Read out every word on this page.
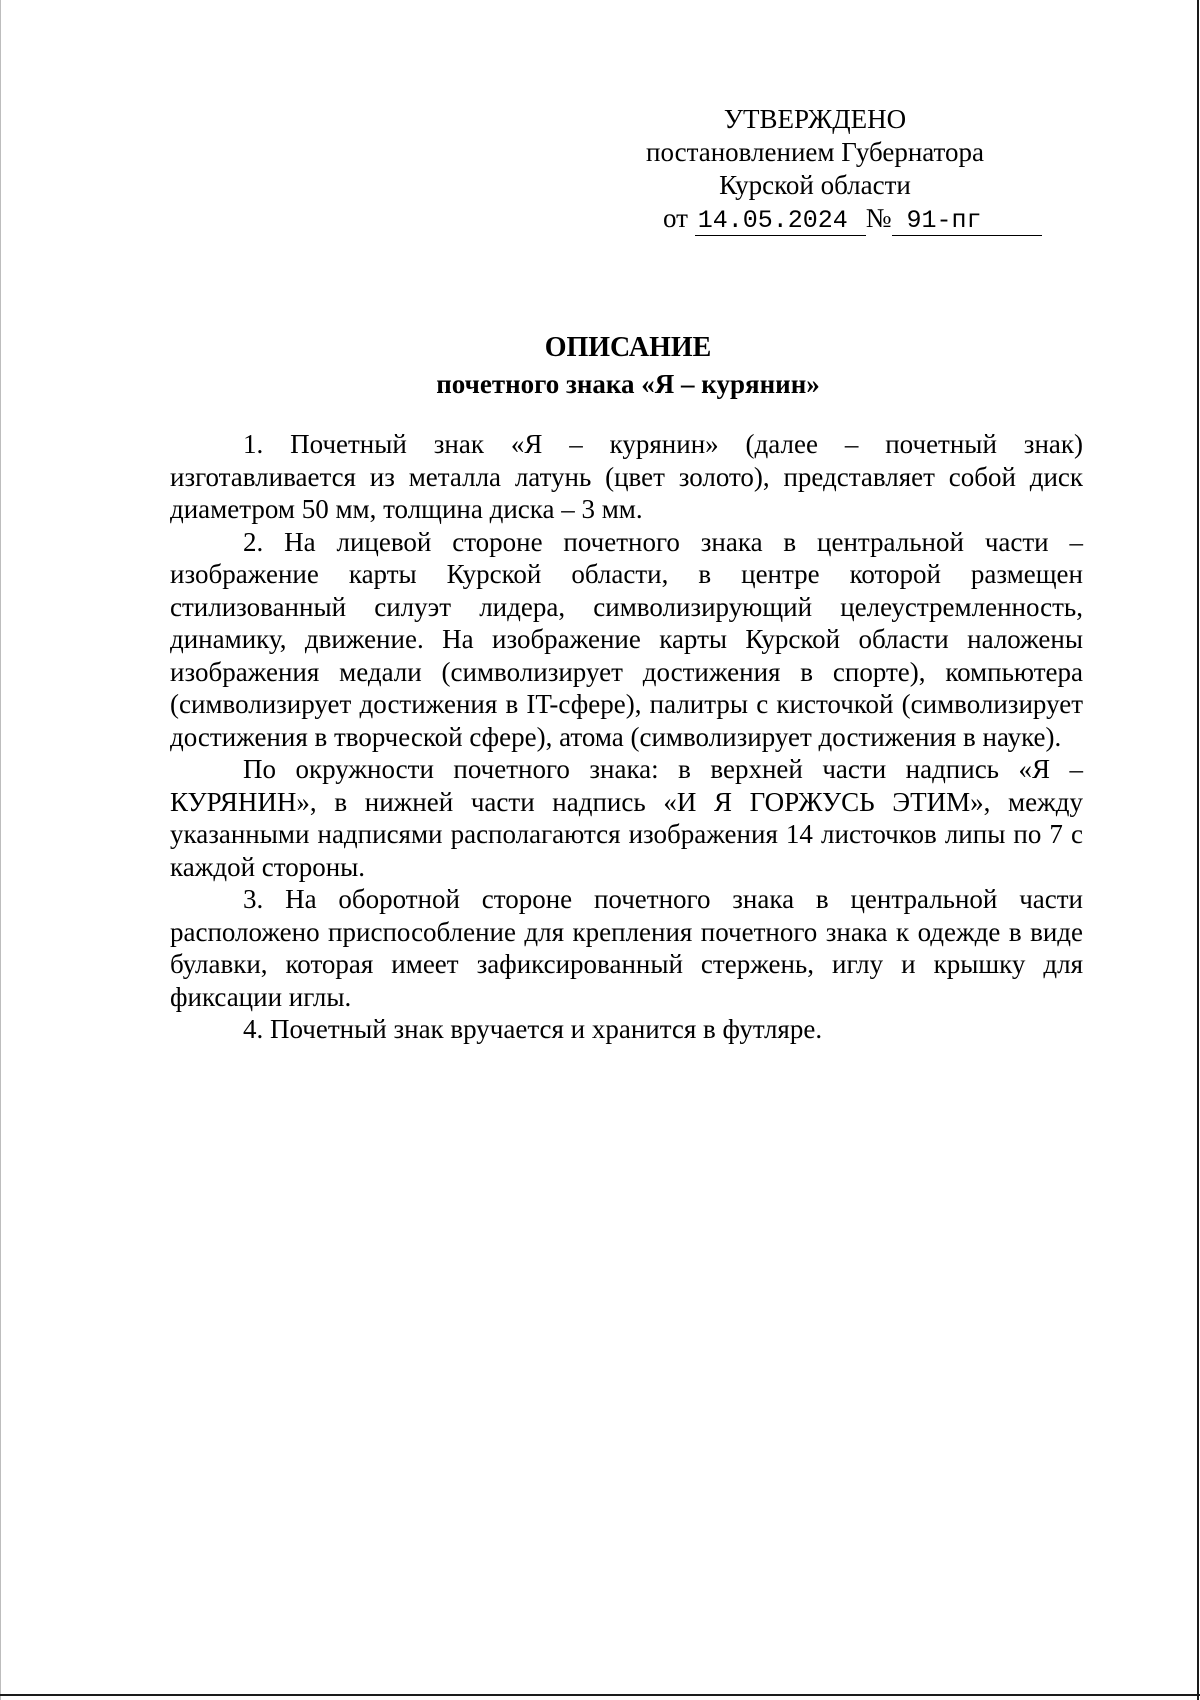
УТВЕРЖДЕНО
постановлением Губернатора
Курской области
от 14.05.2024 № 91-пг
ОПИСАНИЕ
почетного знака «Я – курянин»

1. Почетный знак «Я – курянин» (далее – почетный знак) изготавливается из металла латунь (цвет золото), представляет собой диск диаметром 50 мм, толщина диска – 3 мм.

2. На лицевой стороне почетного знака в центральной части – изображение карты Курской области, в центре которой размещен стилизованный силуэт лидера, символизирующий целеустремленность, динамику, движение. На изображение карты Курской области наложены изображения медали (символизирует достижения в спорте), компьютера (символизирует достижения в IT-сфере), палитры с кисточкой (символизирует достижения в творческой сфере), атома (символизирует достижения в науке).

По окружности почетного знака: в верхней части надпись «Я – КУРЯНИН», в нижней части надпись «И Я ГОРЖУСЬ ЭТИМ», между указанными надписями располагаются изображения 14 листочков липы по 7 с каждой стороны.

3. На оборотной стороне почетного знака в центральной части расположено приспособление для крепления почетного знака к одежде в виде булавки, которая имеет зафиксированный стержень, иглу и крышку для фиксации иглы.

4. Почетный знак вручается и хранится в футляре.
